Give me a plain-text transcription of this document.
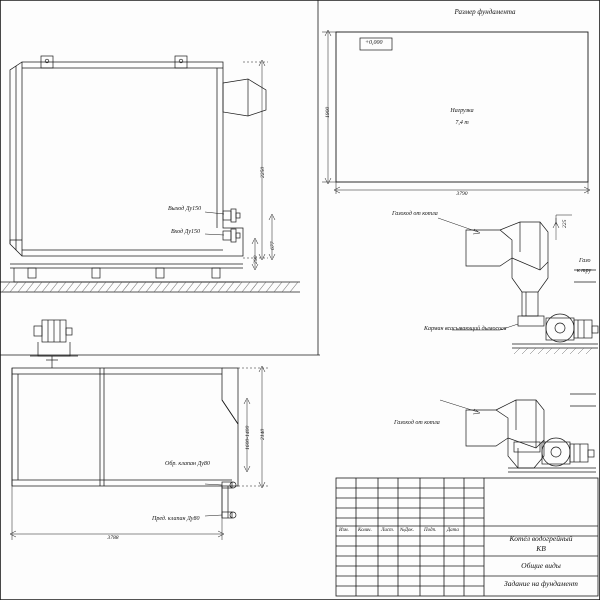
Размер фундамента
+0,000
Нагрузка
7,4 т
3790
1900
Выход Ду150
Вход Ду150
2250
677
290
Газоход от котла
Газо
к тру
Карман всасывающий дымососа
225
Газоход от котла
Обр. клапан Ду80
Пред. клапан Ду80
3788
2140
1600-1400
Изм. Колич. Лист. №Док. Подп. Дата
Котёл водогрейный
КВ
Общие виды
Задание на фундамент
